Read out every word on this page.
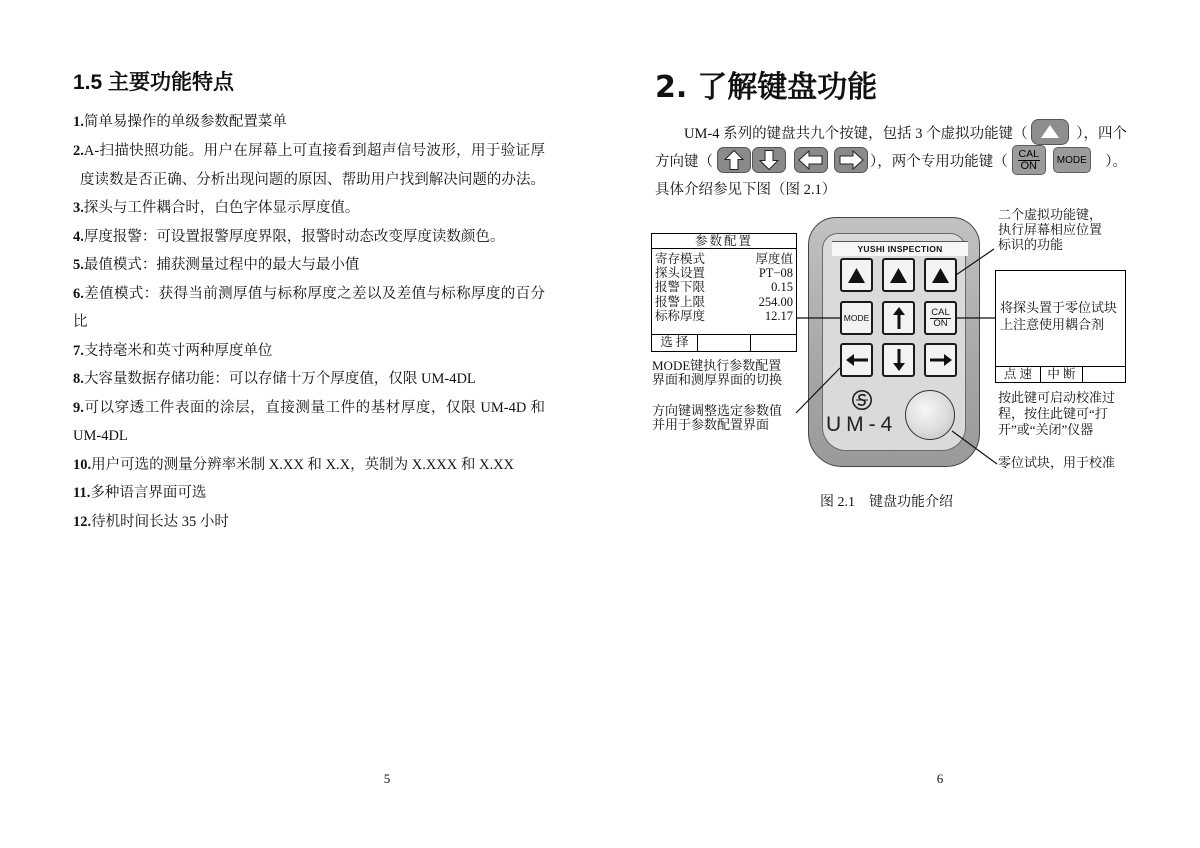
1.5 主要功能特点
1.简单易操作的单级参数配置菜单
2.A-扫描快照功能。用户在屏幕上可直接看到超声信号波形，用于验证厚
度读数是否正确、分析出现问题的原因、帮助用户找到解决问题的办法。
3.探头与工件耦合时，白色字体显示厚度值。
4.厚度报警：可设置报警厚度界限，报警时动态改变厚度读数颜色。
5.最值模式：捕获测量过程中的最大与最小值
6.差值模式：获得当前测厚值与标称厚度之差以及差值与标称厚度的百分
比
7.支持毫米和英寸两种厚度单位
8.大容量数据存储功能：可以存储十万个厚度值，仅限 UM-4DL
9.可以穿透工件表面的涂层，直接测量工件的基材厚度，仅限 UM-4D 和
UM-4DL
10.用户可选的测量分辨率米制 X.XX 和 X.X，英制为 X.XXX 和 X.XX
11.多种语言界面可选
12.待机时间长达 35 小时
5
2. 了解键盘功能
UM-4 系列的键盘共九个按键，包括 3 个虚拟功能键（	），四个
方向键（	），两个专用功能键（ CAL
ON MODE ）。
具体介绍参见下图（图 2.1）
参数配置
寄存模式	厚度值
探头设置	PT−08
报警下限	0.15
报警上限	254.00
标称厚度	12.17
选 择
MODE键执行参数配置
界面和测厚界面的切换
方向键调整选定参数值
并用于参数配置界面
YUSHI INSPECTION
MODE
CAL
ON
UM-4
将探头置于零位试块
上注意使用耦合剂
点 速	中 断
二个虚拟功能键，
执行屏幕相应位置
标识的功能
按此键可启动校准过
程，按住此键可“打
开”或“关闭”仪器
零位试块，用于校准
图 2.1　键盘功能介绍
6
